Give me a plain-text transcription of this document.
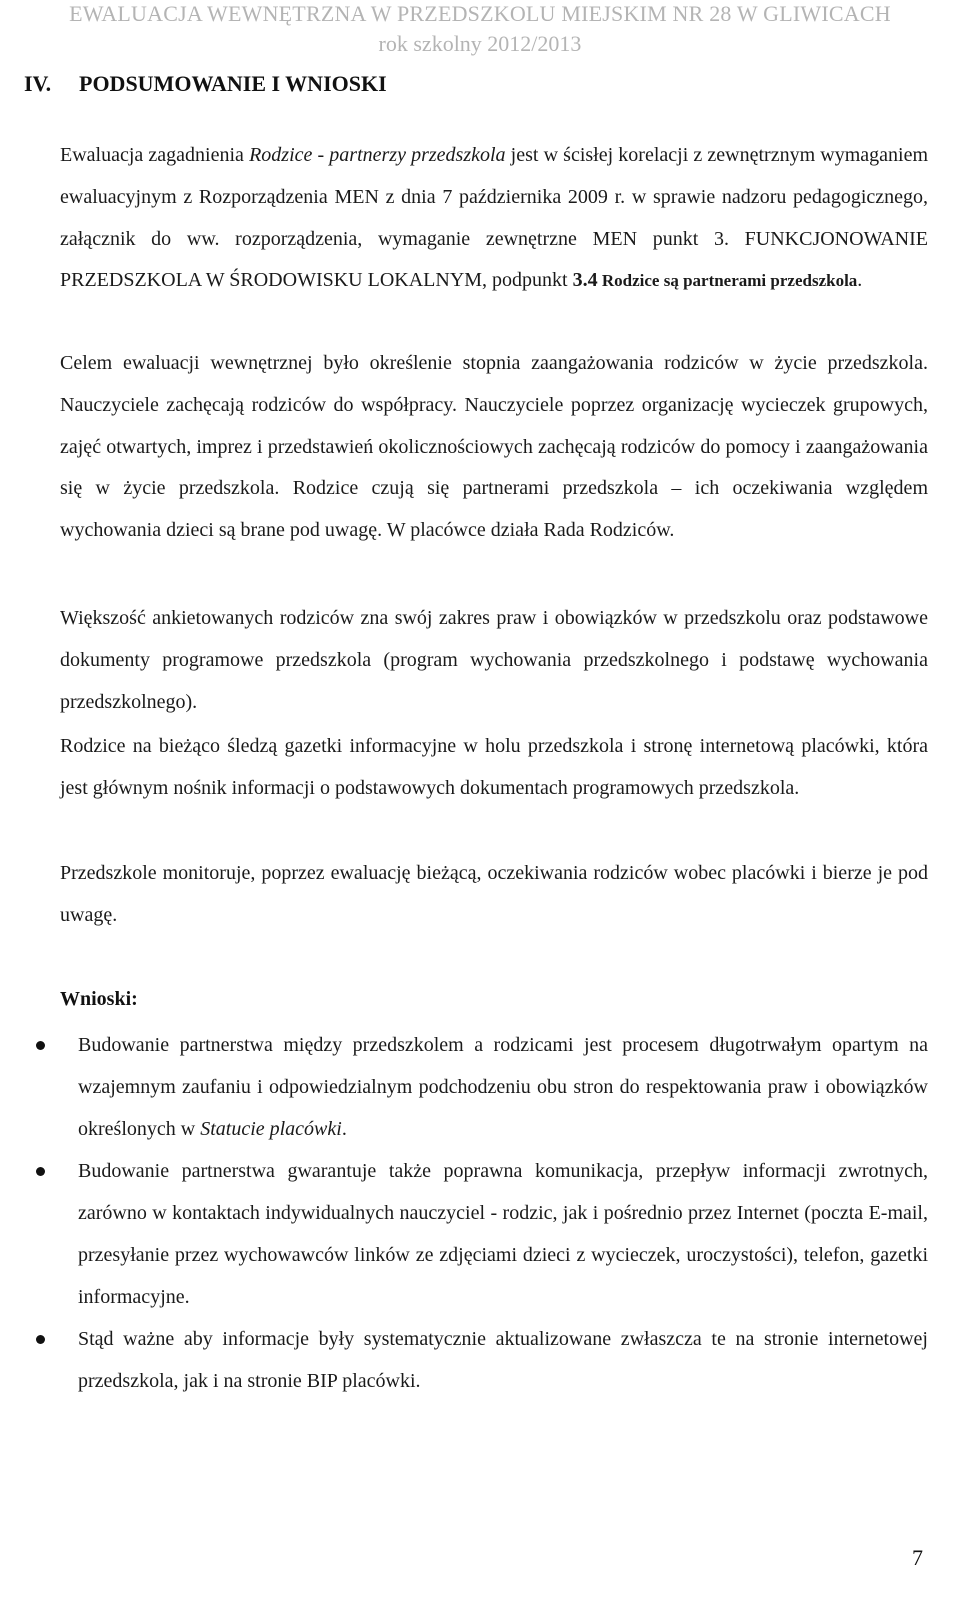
EWALUACJA WEWNĘTRZNA W PRZEDSZKOLU MIEJSKIM NR 28 W GLIWICACH
rok szkolny 2012/2013
IV. PODSUMOWANIE I WNIOSKI

Ewaluacja zagadnienia Rodzice - partnerzy przedszkola jest w ścisłej korelacji z zewnętrznym wymaganiem ewaluacyjnym z Rozporządzenia MEN z dnia 7 października 2009 r. w sprawie nadzoru pedagogicznego, załącznik do ww. rozporządzenia, wymaganie zewnętrzne MEN punkt 3. FUNKCJONOWANIE PRZEDSZKOLA W ŚRODOWISKU LOKALNYM, podpunkt 3.4 Rodzice są partnerami przedszkola.

Celem ewaluacji wewnętrznej było określenie stopnia zaangażowania rodziców w życie przedszkola. Nauczyciele zachęcają rodziców do współpracy. Nauczyciele poprzez organizację wycieczek grupowych, zajęć otwartych, imprez i przedstawień okolicznościowych zachęcają rodziców do pomocy i zaangażowania się w życie przedszkola. Rodzice czują się partnerami przedszkola – ich oczekiwania względem wychowania dzieci są brane pod uwagę. W placówce działa Rada Rodziców.

Większość ankietowanych rodziców zna swój zakres praw i obowiązków w przedszkolu oraz podstawowe dokumenty programowe przedszkola (program wychowania przedszkolnego i podstawę wychowania przedszkolnego).

Rodzice na bieżąco śledzą gazetki informacyjne w holu przedszkola i stronę internetową placówki, która jest głównym nośnik informacji o podstawowych dokumentach programowych przedszkola.

Przedszkole monitoruje, poprzez ewaluację bieżącą, oczekiwania rodziców wobec placówki i bierze je pod uwagę.

Wnioski:
Budowanie partnerstwa między przedszkolem a rodzicami jest procesem długotrwałym opartym na wzajemnym zaufaniu i odpowiedzialnym podchodzeniu obu stron do respektowania praw i obowiązków określonych w Statucie placówki.
Budowanie partnerstwa gwarantuje także poprawna komunikacja, przepływ informacji zwrotnych, zarówno w kontaktach indywidualnych nauczyciel - rodzic, jak i pośrednio przez Internet (poczta E-mail, przesyłanie przez wychowawców linków ze zdjęciami dzieci z wycieczek, uroczystości), telefon, gazetki informacyjne.
Stąd ważne aby informacje były systematycznie aktualizowane zwłaszcza te na stronie internetowej przedszkola, jak i na stronie BIP placówki.
7
